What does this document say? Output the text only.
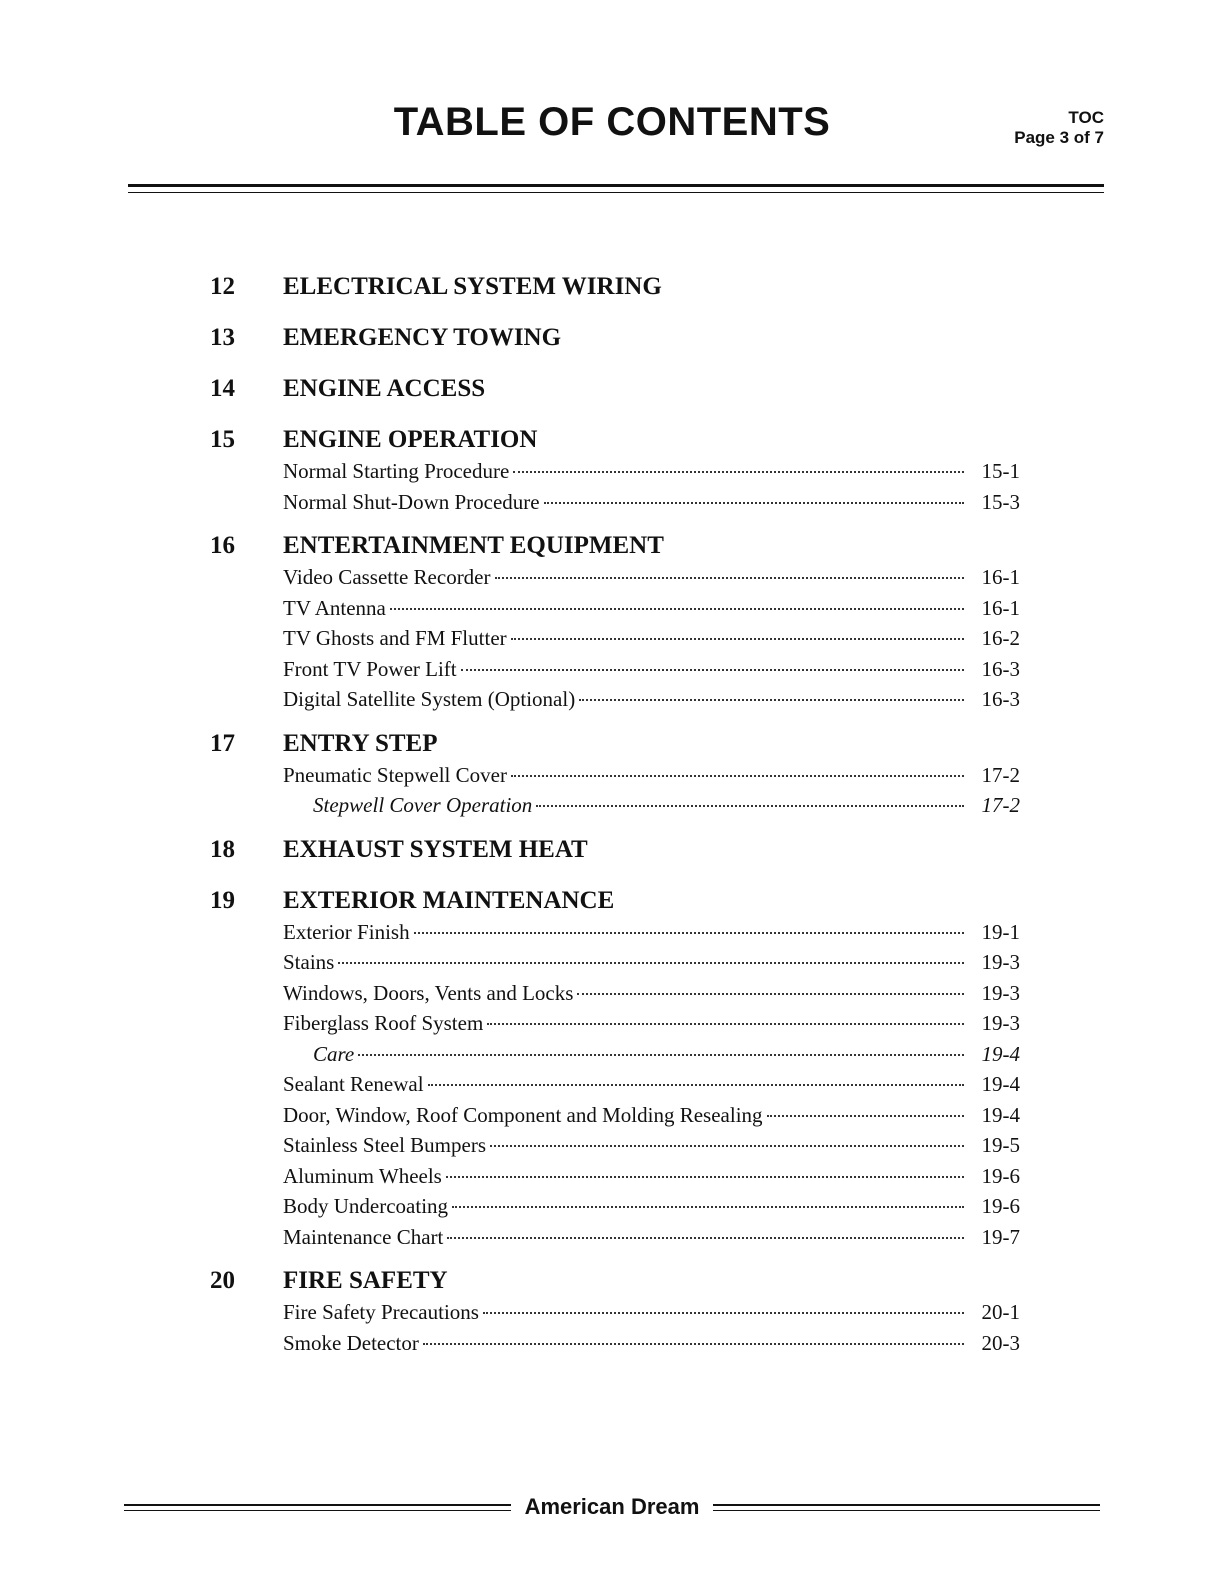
TABLE OF CONTENTS	TOC
Page 3 of 7
12	ELECTRICAL SYSTEM WIRING
13	EMERGENCY TOWING
14	ENGINE ACCESS
15	ENGINE OPERATION
Normal Starting Procedure	15-1
Normal Shut-Down Procedure	15-3
16	ENTERTAINMENT EQUIPMENT
Video Cassette Recorder	16-1
TV Antenna	16-1
TV Ghosts and FM Flutter	16-2
Front TV Power Lift	16-3
Digital Satellite System (Optional)	16-3
17	ENTRY STEP
Pneumatic Stepwell Cover	17-2
Stepwell Cover Operation	17-2
18	EXHAUST SYSTEM HEAT
19	EXTERIOR MAINTENANCE
Exterior Finish	19-1
Stains	19-3
Windows, Doors, Vents and Locks	19-3
Fiberglass Roof System	19-3
Care	19-4
Sealant Renewal	19-4
Door, Window, Roof Component and Molding Resealing	19-4
Stainless Steel Bumpers	19-5
Aluminum Wheels	19-6
Body Undercoating	19-6
Maintenance Chart	19-7
20	FIRE SAFETY
Fire Safety Precautions	20-1
Smoke Detector	20-3
American Dream
